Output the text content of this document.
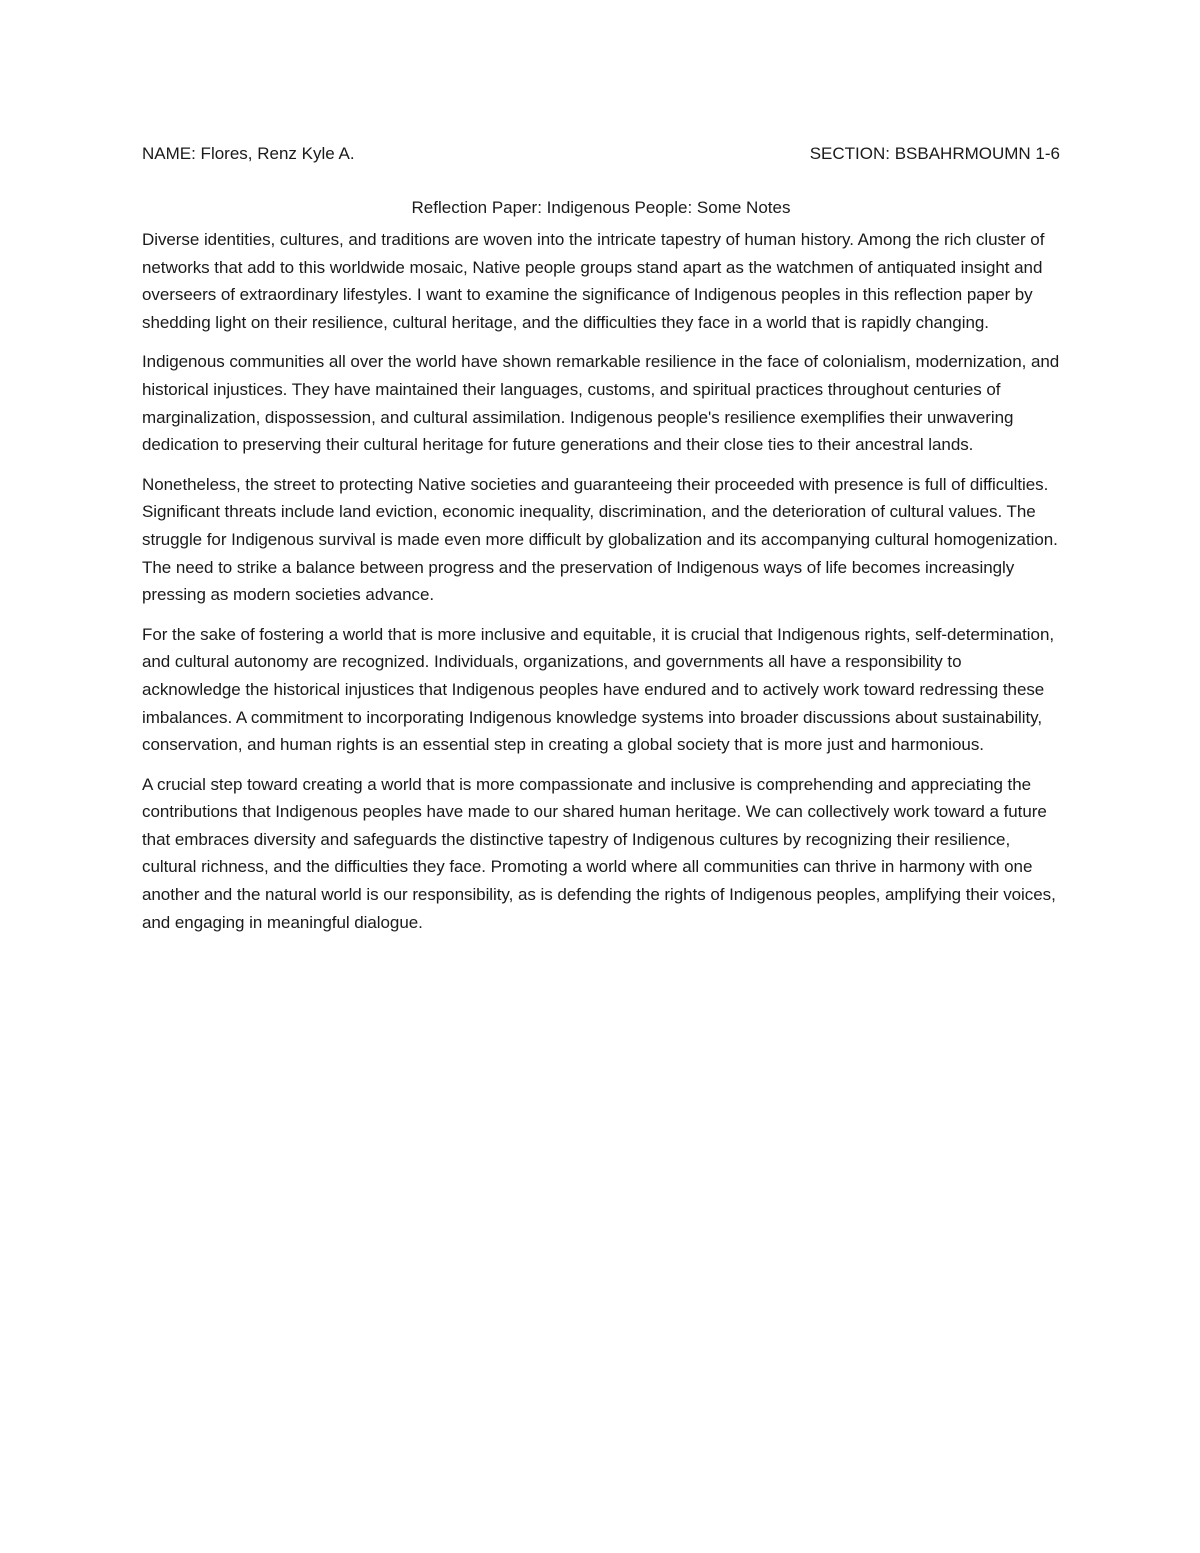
NAME: Flores, Renz Kyle A.	SECTION: BSBAHRMOUMN 1-6
Reflection Paper: Indigenous People: Some Notes

Diverse identities, cultures, and traditions are woven into the intricate tapestry of human history. Among the rich cluster of networks that add to this worldwide mosaic, Native people groups stand apart as the watchmen of antiquated insight and overseers of extraordinary lifestyles. I want to examine the significance of Indigenous peoples in this reflection paper by shedding light on their resilience, cultural heritage, and the difficulties they face in a world that is rapidly changing.

Indigenous communities all over the world have shown remarkable resilience in the face of colonialism, modernization, and historical injustices. They have maintained their languages, customs, and spiritual practices throughout centuries of marginalization, dispossession, and cultural assimilation. Indigenous people's resilience exemplifies their unwavering dedication to preserving their cultural heritage for future generations and their close ties to their ancestral lands.

Nonetheless, the street to protecting Native societies and guaranteeing their proceeded with presence is full of difficulties. Significant threats include land eviction, economic inequality, discrimination, and the deterioration of cultural values. The struggle for Indigenous survival is made even more difficult by globalization and its accompanying cultural homogenization. The need to strike a balance between progress and the preservation of Indigenous ways of life becomes increasingly pressing as modern societies advance.

For the sake of fostering a world that is more inclusive and equitable, it is crucial that Indigenous rights, self-determination, and cultural autonomy are recognized. Individuals, organizations, and governments all have a responsibility to acknowledge the historical injustices that Indigenous peoples have endured and to actively work toward redressing these imbalances. A commitment to incorporating Indigenous knowledge systems into broader discussions about sustainability, conservation, and human rights is an essential step in creating a global society that is more just and harmonious.

A crucial step toward creating a world that is more compassionate and inclusive is comprehending and appreciating the contributions that Indigenous peoples have made to our shared human heritage. We can collectively work toward a future that embraces diversity and safeguards the distinctive tapestry of Indigenous cultures by recognizing their resilience, cultural richness, and the difficulties they face. Promoting a world where all communities can thrive in harmony with one another and the natural world is our responsibility, as is defending the rights of Indigenous peoples, amplifying their voices, and engaging in meaningful dialogue.
